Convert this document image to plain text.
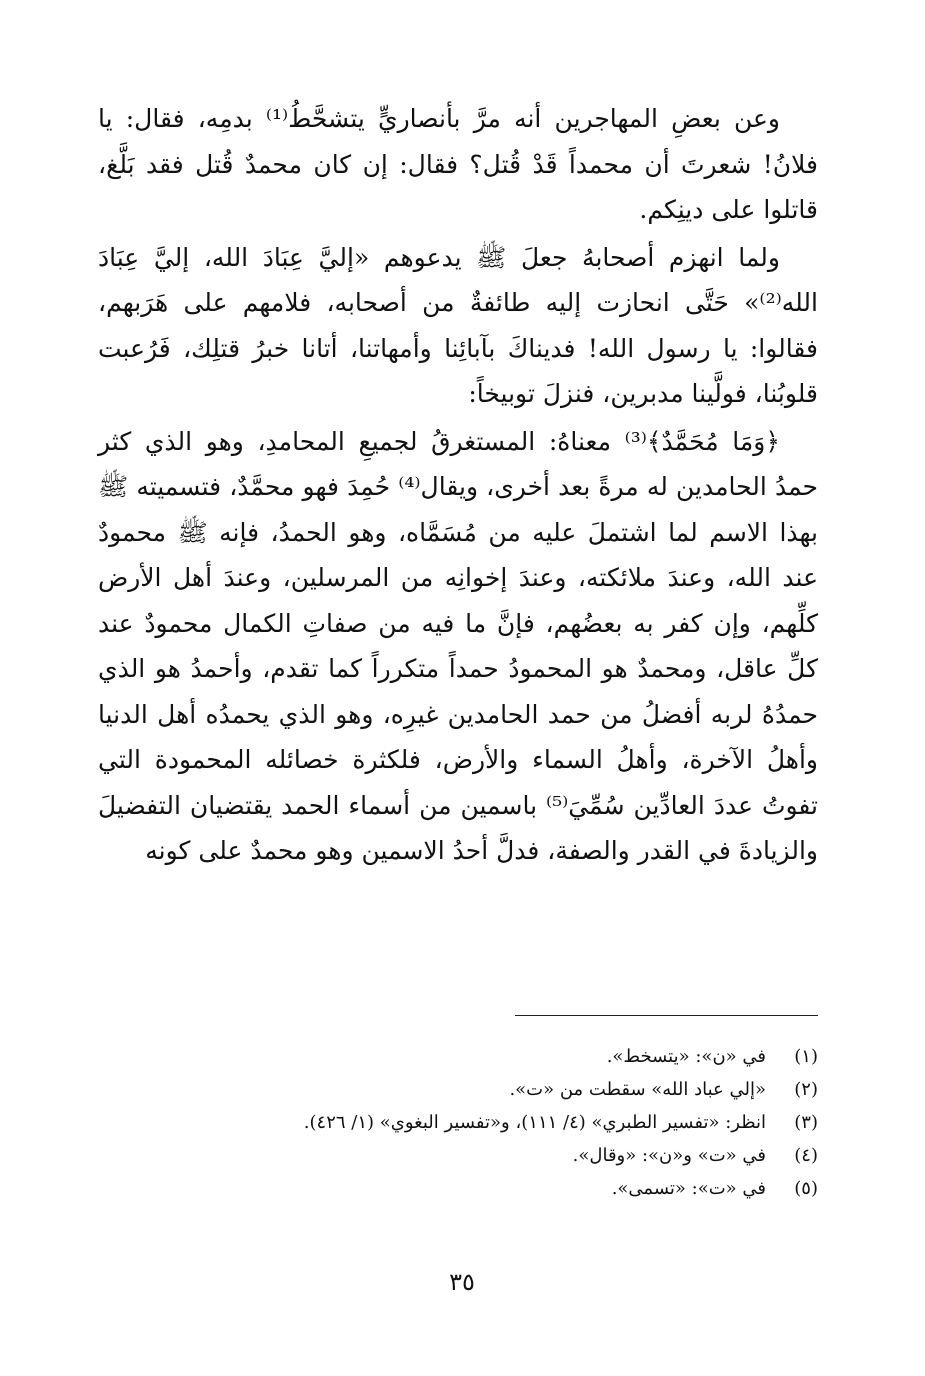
وعن بعضِ المهاجرين أنه مرَّ بأنصاريٍّ يتشحَّطُ⁽¹⁾ بدمِه، فقال: يا فلانُ! شعرتَ أن محمداً قَدْ قُتل؟ فقال: إن كان محمدٌ قُتل فقد بَلَّغ، قاتلوا على دينِكم.

ولما انهزم أصحابهُ جعلَ ﷺ يدعوهم «إليَّ عِبَادَ الله، إليَّ عِبَادَ الله⁽²⁾» حَتَّى انحازت إليه طائفةٌ من أصحابه، فلامهم على هَرَبهم، فقالوا: يا رسول الله! فديناكَ بآبائِنا وأمهاتنا، أتانا خبرُ قتلِك، فَرُعبت قلوبُنا، فولَّينا مدبرين، فنزلَ توبيخاً:

﴿وَمَا مُحَمَّدٌ﴾⁽³⁾ معناهُ: المستغرقُ لجميعِ المحامدِ، وهو الذي كثر حمدُ الحامدين له مرةً بعد أخرى، ويقال⁽⁴⁾ حُمِدَ فهو محمَّدٌ، فتسميته ﷺ بهذا الاسم لما اشتملَ عليه من مُسَمَّاه، وهو الحمدُ، فإنه ﷺ محمودٌ عند الله، وعندَ ملائكته، وعندَ إخوانِه من المرسلين، وعندَ أهل الأرض كلِّهم، وإن كفر به بعضُهم، فإنَّ ما فيه من صفاتِ الكمال محمودٌ عند كلِّ عاقل، ومحمدٌ هو المحمودُ حمداً متكرراً كما تقدم، وأحمدُ هو الذي حمدُهُ لربه أفضلُ من حمد الحامدين غيرِه، وهو الذي يحمدُه أهل الدنيا وأهلُ الآخرة، وأهلُ السماء والأرض، فلكثرة خصائله المحمودة التي تفوتُ عددَ العادِّين سُمِّيَ⁽⁵⁾ باسمين من أسماء الحمد يقتضيان التفضيلَ والزيادةَ في القدر والصفة، فدلَّ أحدُ الاسمين وهو محمدٌ على كونه

(١)
في «ن»: «يتسخط».
(٢)
«إلي عباد الله» سقطت من «ت».
(٣)
انظر: «تفسير الطبري» (٤/ ١١١)، و«تفسير البغوي» (١/ ٤٢٦).
(٤)
في «ت» و«ن»: «وقال».
(٥)
في «ت»: «تسمى».
٣٥
